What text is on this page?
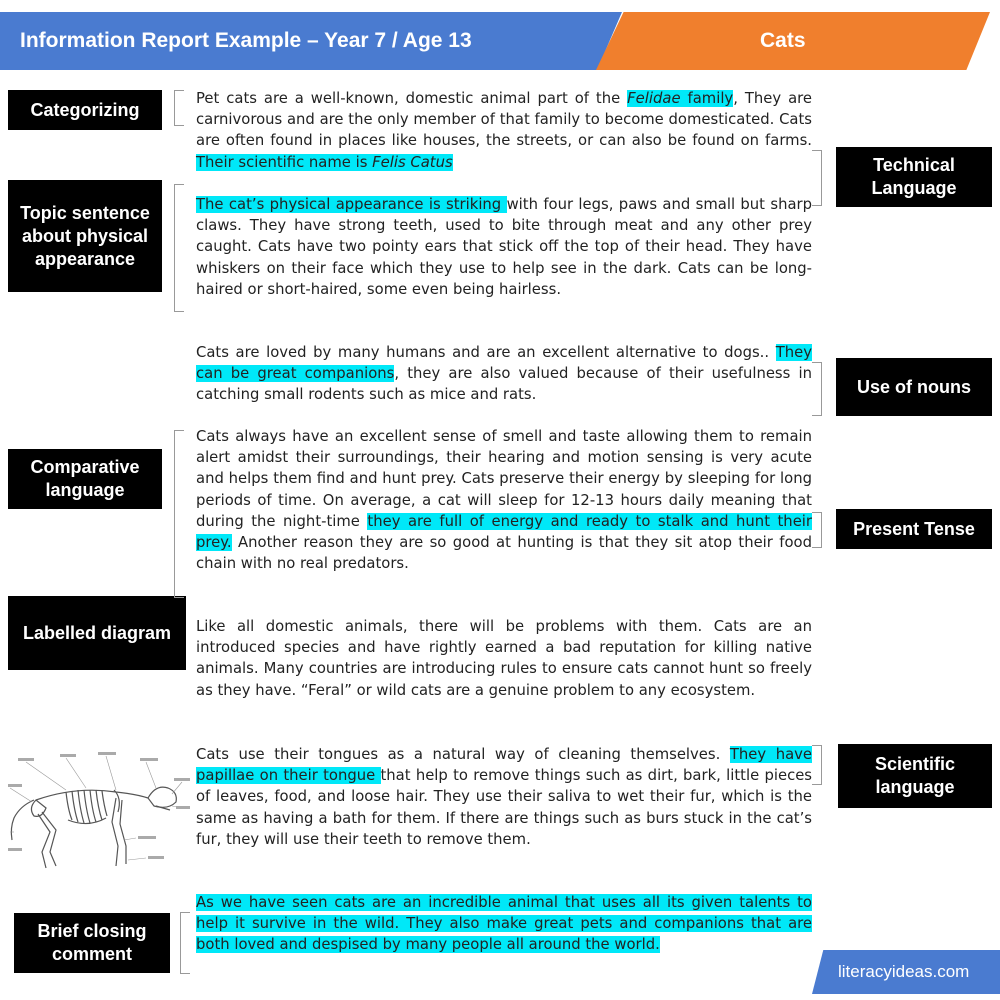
Information Report Example – Year 7 / Age 13	Cats
Categorizing
Topic sentence about physical appearance
Comparative language
Labelled diagram
Brief closing comment
Technical Language
Use of nouns
Present Tense
Scientific language
Pet cats are a well-known, domestic animal part of the Felidae family, They are carnivorous and are the only member of that family to become domesticated. Cats are often found in places like houses, the streets, or can also be found on farms. Their scientific name is Felis Catus
The cat’s physical appearance is striking with four legs, paws and small but sharp claws. They have strong teeth, used to bite through meat and any other prey caught. Cats have two pointy ears that stick off the top of their head. They have whiskers on their face which they use to help see in the dark. Cats can be long-haired or short-haired, some even being hairless.
Cats are loved by many humans and are an excellent alternative to dogs.. They can be great companions, they are also valued because of their usefulness in catching small rodents such as mice and rats.
Cats always have an excellent sense of smell and taste allowing them to remain alert amidst their surroundings, their hearing and motion sensing is very acute and helps them find and hunt prey. Cats preserve their energy by sleeping for long periods of time. On average, a cat will sleep for 12-13 hours daily meaning that during the night-time they are full of energy and ready to stalk and hunt their prey. Another reason they are so good at hunting is that they sit atop their food chain with no real predators.
Like all domestic animals, there will be problems with them. Cats are an introduced species and have rightly earned a bad reputation for killing native animals. Many countries are introducing rules to ensure cats cannot hunt so freely as they have. “Feral” or wild cats are a genuine problem to any ecosystem.
Cats use their tongues as a natural way of cleaning themselves. They have papillae on their tongue that help to remove things such as dirt, bark, little pieces of leaves, food, and loose hair. They use their saliva to wet their fur, which is the same as having a bath for them. If there are things such as burs stuck in the cat’s fur, they will use their teeth to remove them.
As we have seen cats are an incredible animal that uses all its given talents to help it survive in the wild. They also make great pets and companions that are both loved and despised by many people all around the world.
literacyideas.com
